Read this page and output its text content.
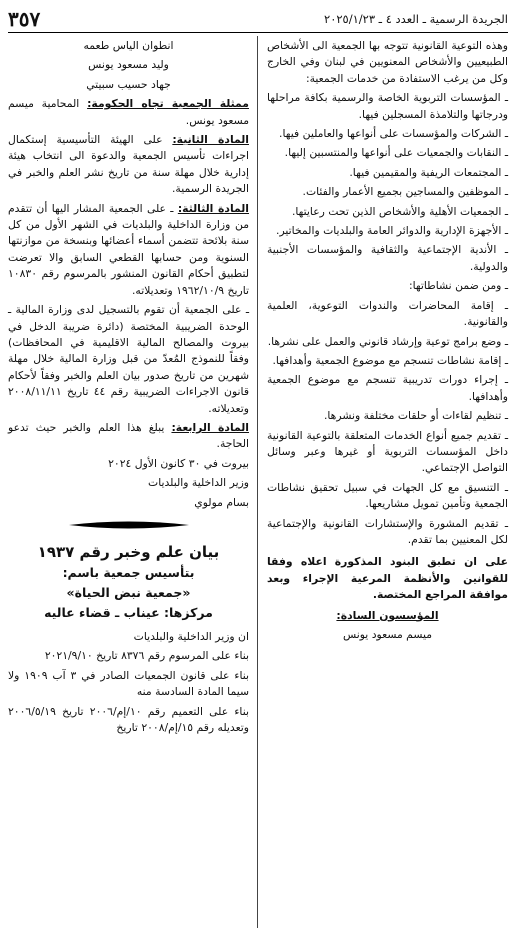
الجريدة الرسمية ـ العدد ٤ ـ ٢٠٢٥/١/٢٣
٣٥٧

وهذه التوعية القانونية تتوجه بها الجمعية الى الأشخاص الطبيعيين والأشخاص المعنويين في لبنان وفي الخارج وكل من يرغب الاستفادة من خدمات الجمعية:

ـ المؤسسات التربوية الخاصة والرسمية بكافة مراحلها ودرجاتها والتلامذة المسجلين فيها.

ـ الشركات والمؤسسات على أنواعها والعاملين فيها.

ـ النقابات والجمعيات على أنواعها والمنتسبين إليها.

ـ المجتمعات الريفية والمقيمين فيها.

ـ الموظفين والمساجين بجميع الأعمار والفئات.

ـ الجمعيات الأهلية والأشخاص الذين تحت رعايتها.

ـ الأجهزة الإدارية والدوائر العامة والبلديات والمخاتير.

ـ الأندية الإجتماعية والثقافية والمؤسسات الأجنبية والدولية.

ـ ومن ضمن نشاطاتها:

ـ إقامة المحاضرات والندوات التوعوية، العلمية والقانونية.

ـ وضع برامج توعية وإرشاد قانوني والعمل على نشرها.

ـ إقامة نشاطات تنسجم مع موضوع الجمعية وأهدافها.

ـ إجراء دورات تدريبية تنسجم مع موضوع الجمعية وأهدافها.

ـ تنظيم لقاءات أو حلقات مختلفة ونشرها.

ـ تقديم جميع أنواع الخدمات المتعلقة بالتوعية القانونية داخل المؤسسات التربوية أو غيرها وعبر وسائل التواصل الإجتماعي.

ـ التنسيق مع كل الجهات في سبيل تحقيق نشاطات الجمعية وتأمين تمويل مشاريعها.

ـ تقديم المشورة والإستشارات القانونية والإجتماعية لكل المعنيين بما تقدم.

على ان تطبق البنود المذكورة اعلاه وفقا للقوانين والأنظمة المرعية الإجراء وبعد موافقة المراجع المختصة.

المؤسسون السادة:

ميسم مسعود يونس

انطوان الياس طعمه

وليد مسعود يونس

جهاد حسيب سبيتي

ممثلة الجمعية تجاه الحكومة: المحامية ميسم مسعود يونس.

المادة الثانية: على الهيئة التأسيسية إستكمال اجراءات تأسيس الجمعية والدعوة الى انتخاب هيئة إدارية خلال مهلة سنة من تاريخ نشر العلم والخبر في الجريدة الرسمية.

المادة الثالثة: ـ على الجمعية المشار اليها أن تتقدم من وزارة الداخلية والبلديات في الشهر الأول من كل سنة بلائحة تتضمن أسماء أعضائها وبنسخة من موازنتها السنوية ومن حسابها القطعي السابق والا تعرضت لتطبيق أحكام القانون المنشور بالمرسوم رقم ١٠٨٣٠ تاريخ ١٩٦٢/١٠/٩ وتعديلاته.

ـ على الجمعية أن تقوم بالتسجيل لدى وزارة المالية ـ الوحدة الضريبية المختصة (دائرة ضريبة الدخل في بيروت والمصالح المالية الاقليمية في المحافظات) وفقاً للنموذج المُعدّ من قبل وزارة المالية خلال مهلة شهرين من تاريخ صدور بيان العلم والخبر وفقاً لأحكام قانون الاجراءات الضريبية رقم ٤٤ تاريخ ٢٠٠٨/١١/١١ وتعديلاته.

المادة الرابعة: يبلغ هذا العلم والخبر حيث تدعو الحاجة.

بيروت في ٣٠ كانون الأول ٢٠٢٤

وزير الداخلية والبلديات

بسام مولوي

بيان علم وخبر رقم ١٩٣٧
بتأسيس جمعية باسم:
«جمعية نبض الحياة»
مركزها: عيناب ـ قضاء عاليه

ان وزير الداخلية والبلديات

بناء على المرسوم رقم ٨٣٧٦ تاريخ ٢٠٢١/٩/١٠

بناء على قانون الجمعيات الصادر في ٣ آب ١٩٠٩ ولا سيما المادة السادسة منه

بناء على التعميم رقم ١٠/إم/٢٠٠٦ تاريخ ٢٠٠٦/٥/١٩ وتعديله رقم ١٥/إم/٢٠٠٨ تاريخ
